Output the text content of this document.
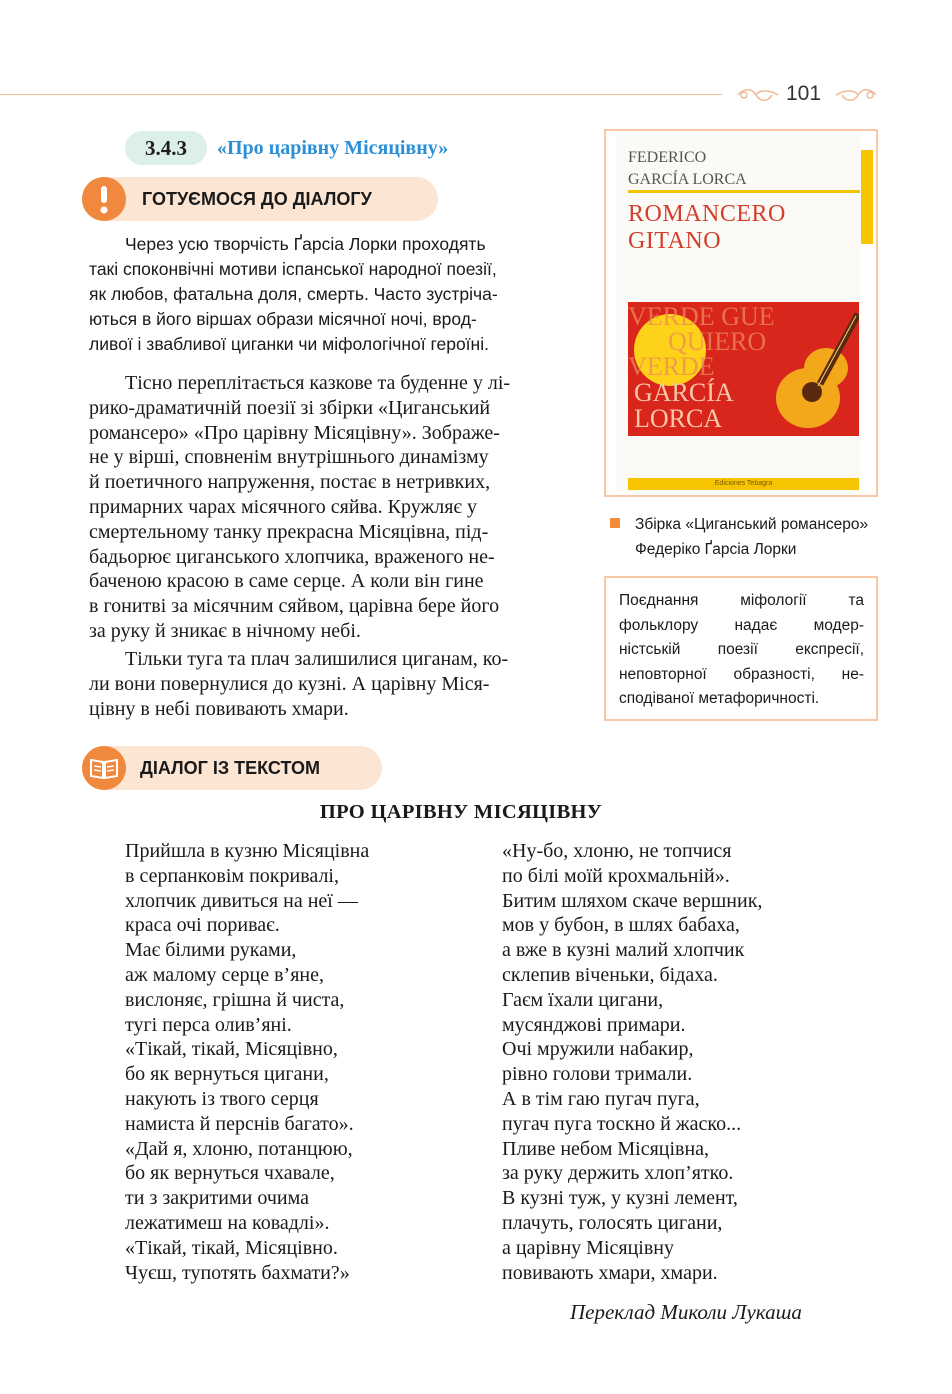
101
3.4.3	«Про царівну Місяцівну»
ГОТУЄМОСЯ ДО ДІАЛОГУ
Через усю творчість Ґарсіа Лорки проходять
такі споконвічні мотиви іспанської народної поезії,
як любов, фатальна доля, смерть. Часто зустріча-
ються в його віршах образи місячної ночі, врод-
ливої і звабливої циганки чи міфологічної героїні.
Тісно переплітається казкове та буденне у лі-
рико-драматичній поезії зі збірки «Циганський
романсеро» «Про царівну Місяцівну». Зображе-
не у вірші, сповненім внутрішнього динамізму
й поетичного напруження, постає в нетривких,
примарних чарах місячного сяйва. Кружляє у
смертельному танку прекрасна Місяцівна, під-
бадьорює циганського хлопчика, враженого не-
баченою красою в саме серце. А коли він гине
в гонитві за місячним сяйвом, царівна бере його
за руку й зникає в нічному небі.
Тільки туга та плач залишилися циганам, ко-
ли вони повернулися до кузні. А царівну Міся-
цівну в небі повивають хмари.
FEDERICO
GARCÍA LORCA
ROMANCERO
GITANO
VERDE GUE
QUIERO
VERDE
GARCÍA
LORCA
Ediciones Tebagra
Збірка «Циганський романсеро»
Федеріко Ґарсіа Лорки
Поєднання міфології та
фольклору надає модер-
ністській поезії експресії,
неповторної образності, не-
сподіваної метафоричності.
ДІАЛОГ ІЗ ТЕКСТОМ
ПРО ЦАРІВНУ МІСЯЦІВНУ
Прийшла в кузню Місяцівна
в серпанковім покривалі,
хлопчик дивиться на неї —
краса очі пориває.
Має білими руками,
аж малому серце в’яне,
вислоняє, грішна й чиста,
тугі перса олив’яні.
«Тікай, тікай, Місяцівно,
бо як вернуться цигани,
накують із твого серця
намиста й перснів багато».
«Дай я, хлоню, потанцюю,
бо як вернуться чхавале,
ти з закритими очима
лежатимеш на ковадлі».
«Тікай, тікай, Місяцівно.
Чуєш, тупотять бахмати?»
«Ну-бо, хлоню, не топчися
по білі моїй крохмальній».
Битим шляхом скаче вершник,
мов у бубон, в шлях бабаха,
а вже в кузні малий хлопчик
склепив віченьки, бідаха.
Гаєм їхали цигани,
мусянджові примари.
Очі мружили набакир,
рівно голови тримали.
А в тім гаю пугач пуга,
пугач пуга тоскно й жаско...
Пливе небом Місяцівна,
за руку держить хлоп’ятко.
В кузні туж, у кузні лемент,
плачуть, голосять цигани,
а царівну Місяцівну
повивають хмари, хмари.
Переклад Миколи Лукаша
